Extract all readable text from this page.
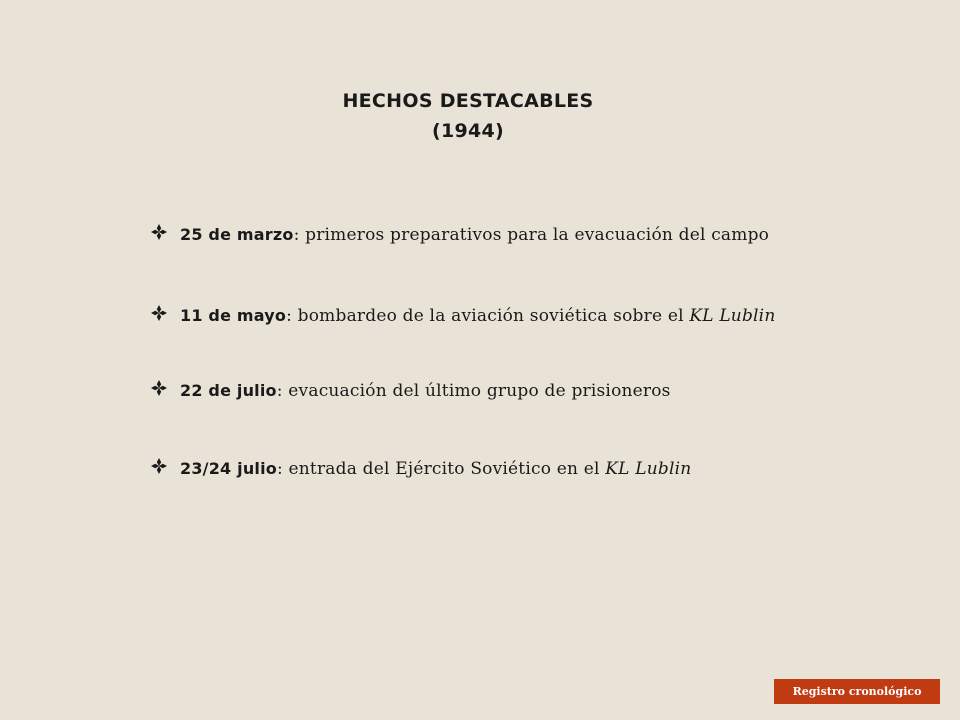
HECHOS DESTACABLES
(1944)
25 de marzo: primeros preparativos para la evacuación del campo
11 de mayo: bombardeo de la aviación soviética sobre el KL Lublin
22 de julio: evacuación del último grupo de prisioneros
23/24 julio: entrada del Ejército Soviético en el KL Lublin
Registro cronológico
